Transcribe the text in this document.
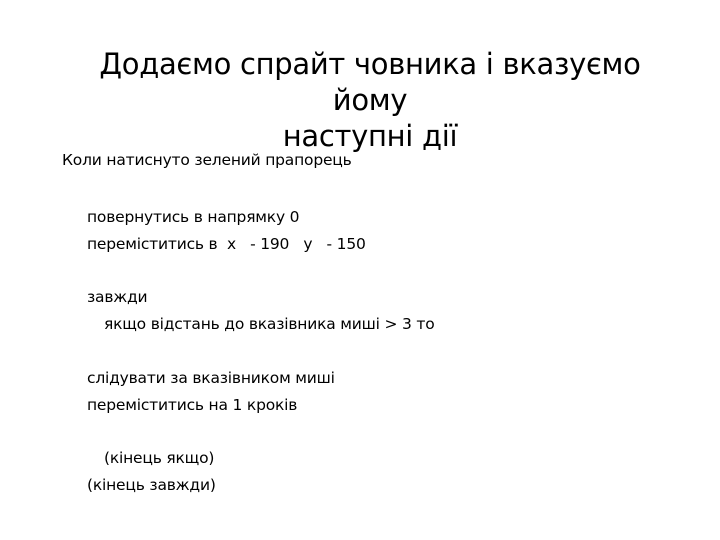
Додаємо спрайт човника і вказуємо йому
наступні дії
Коли натиснуто зелений прапорець
повернутись в напрямку 0
переміститись в  x   - 190   y   - 150
завжди
якщо відстань до вказівника миші > 3 то
слідувати за вказівником миші
переміститись на 1 кроків
(кінець якщо)
(кінець завжди)
